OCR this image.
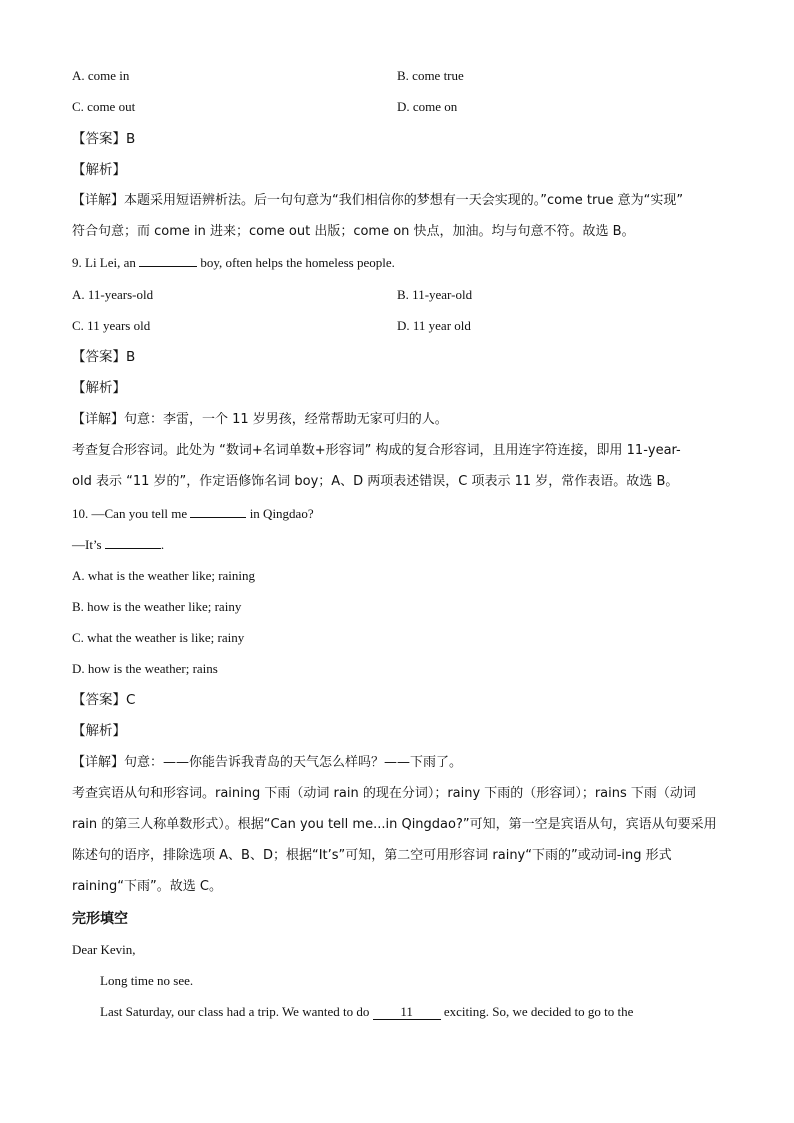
A. come in	B. come true
C. come out	D. come on
【答案】B
【解析】
【详解】本题采用短语辨析法。后一句句意为“我们相信你的梦想有一天会实现的。”come true 意为“实现”
符合句意；而 come in 进来；come out 出版；come on 快点，加油。均与句意不符。故选 B。
9. Li Lei, an	boy, often helps the homeless people.
A. 11-years-old	B. 11-year-old
C. 11 years old	D. 11 year old
【答案】B
【解析】
【详解】句意：李雷，一个 11 岁男孩，经常帮助无家可归的人。
考查复合形容词。此处为 “数词+名词单数+形容词” 构成的复合形容词，且用连字符连接，即用 11-year-
old 表示 “11 岁的”，作定语修饰名词 boy；A、D 两项表述错误，C 项表示 11 岁，常作表语。故选 B。
10. —Can you tell me	in Qingdao?
—It’s	.
A. what is the weather like; raining
B. how is the weather like; rainy
C. what the weather is like; rainy
D. how is the weather; rains
【答案】C
【解析】
【详解】句意：——你能告诉我青岛的天气怎么样吗？——下雨了。
考查宾语从句和形容词。raining 下雨（动词 rain 的现在分词）；rainy 下雨的（形容词）；rains 下雨（动词
rain 的第三人称单数形式）。根据“Can you tell me...in Qingdao?”可知，第一空是宾语从句，宾语从句要采用
陈述句的语序，排除选项 A、B、D；根据“It’s”可知，第二空可用形容词 rainy“下雨的”或动词-ing 形式
raining“下雨”。故选 C。
完形填空
Dear Kevin,
Long time no see.
Last Saturday, our class had a trip. We wanted to do 11 exciting. So, we decided to go to the
